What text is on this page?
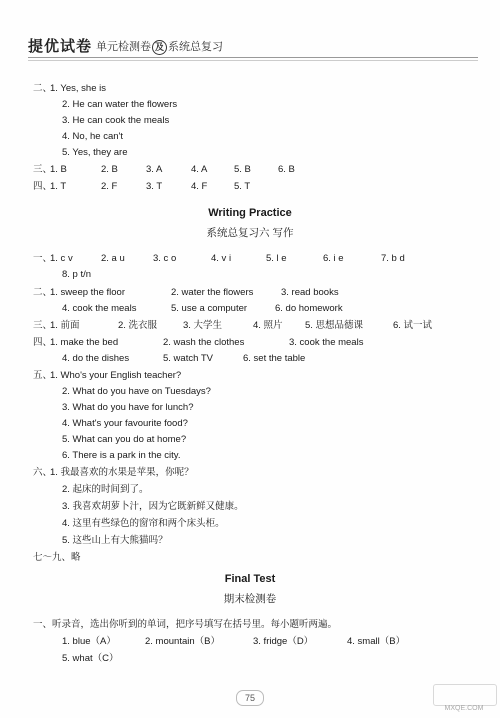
提优试卷 单元检测卷 及 系统总复习
二、
1. Yes, she is
2. He can water the flowers
3. He can cook the meals
4. No, he can't
5. Yes, they are
三、
1. B	2. B	3. A	4. A	5. B	6. B
四、
1. T	2. F	3. T	4. F	5. T
Writing Practice
系统总复习六 写作
一、
1. c v	2. a u	3. c o	4. v i	5. l e	6. i e	7. b d
8. p t/n
二、
1. sweep the floor	2. water the flowers	3. read books
4. cook the meals	5. use a computer	6. do homework
三、
1. 前面	2. 洗衣服	3. 大学生	4. 照片 5. 思想品德课	6. 试一试
四、
1. make the bed	2. wash the clothes	3. cook the meals
4. do the dishes	5. watch TV	6. set the table
五、
1. Who's your English teacher?
2. What do you have on Tuesdays?
3. What do you have for lunch?
4. What's your favourite food?
5. What can you do at home?
6. There is a park in the city.
六、
1. 我最喜欢的水果是苹果，你呢？
2. 起床的时间到了。
3. 我喜欢胡萝卜汁，因为它既新鲜又健康。
4. 这里有些绿色的窗帘和两个床头柜。
5. 这些山上有大熊猫吗？
七～九、略
Final Test
期末检测卷
一、听录音，选出你听到的单词，把序号填写在括号里。每小题听两遍。
1. blue（A）	2. mountain（B）	3. fridge（D）	4. small（B）
5. what（C）
75
MXQE.COM
